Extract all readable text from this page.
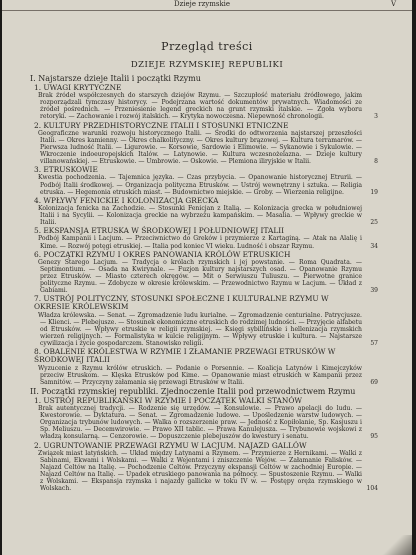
Dzieje rzymskie	V
Przegląd treści
DZIEJE RZYMSKIEJ REPUBLIKI
I. Najstarsze dzieje Italii i początki Rzymu
1. UWAGI KRYTYCZNE
Brak źródeł współczesnych do starszych dziejów Rzymu. — Szczupłość materiału źródłowego, jakim rozporządzali tymczasy historycy. — Podejrzana wartość dokumentów prywatnych. Wiadomości ze źródeł pośrednich. — Przeniesienie legend greckich na grunt rzymski italskie. — Zgoła wyboru retoryki. — Zachowanie i rozwój italskich. — Krytyka nowoczesna. Niepewność chronologii.	3
2. KULTURY PRZEDHISTORYCZNE ITALII I STOSUNKI ETNICZNE
Geograficzne warunki rozwoju historycznego Italii. — Środki do odtworzenia najstarszej przeszłości Italii. — Okres kamienny. — Okres chalkolityczny. — Okres kultury brązowej. — Kultura terramarów. — Pierwsza ludność Italii. — Ligurowie. — Korsowie, Sardowie i Elimowie. — Sykanowie i Sykulowie. — Wkroczenie indoeuropejskich Italów. — Latynowie. — Kultura wczesnożelazna. — Dzieje kultury villanowańskiej. — Etruskowie. — Umbrowie. — Oskowie. — Plemiona iliryjskie w Italii.	8
3. ETRUSKOWIE
Kwestia pochodzenia. — Tajemnica języka. — Czas przybycia. — Opanowanie historycznej Etrurii. — Podbój Italii środkowej. — Organizacja polityczna Etrusków. — Ustrój wewnętrzny i sztuka. — Religia etruska. — Hegemonia etruskich miast. — Budownictwo miejskie. — Groby. — Wierzenia religijne.	19
4. WPŁYWY FENICKIE I KOLONIZACJA GRECKA
Kolonizacja fenicka na Zachodzie. — Stosunki Fenicjan z Italią. — Kolonizacja grecka w południowej Italii i na Sycylii. — Kolonizacja greckie na wybrzeżu kampańskim. — Masalia. — Wpływy greckie w Italii.	25
5. EKSPANSJA ETRUSKA W ŚRODKOWEJ I POŁUDNIOWEJ ITALII
Podbój Kampanii i Lacjum. — Przeciwnictwo do Greków i przymierze z Kartaginą. — Atak na Alalię i Kime. — Rozwój potęgi etruskiej. — Italia pod koniec VI wieku. Ludność i obszar Rzymu.	34
6. POCZĄTKI RZYMU I OKRES PANOWANIA KRÓLÓW ETRUSKICH
Genezy Starego Lacjum. — Tradycja o królach rzymskich i jej powstanie. — Roma Quadrata. — Septimontium. — Osada na Kwirynale. — Fuzjon kultury najstarszych osad. — Opanowanie Rzymu przez Etrusków. — Miasto czterech okręgów. — Mit o Serwiuszu Tuliuszu. — Pierwotne granice polityczne Rzymu. — Zdobycze w okresie królewskim. — Przewodnictwo Rzymu w Lacjum. — Układ z Gabiami.	39
7. USTRÓJ POLITYCZNY, STOSUNKI SPOŁECZNE I KULTURALNE RZYMU W OKRESIE KRÓLEWSKIM
Władza królewska. — Senat. — Zgromadzenie ludu kurialne. — Zgromadzenie centurialne. Patrycjusze. — Klienci. — Plebejusze. — Stosunek ekonomiczne etruskich do rodzimej ludności. — Przyjęcie alfabetu od Etrusków. — Wpływy etruskie w religii rzymskiej. — Księgi sybillińskie i hellenizacja rzymskich wierzeń religijnych. — Formalistyka w kulcie religijnym. — Wpływy etruskie i kultura. — Najstarsze cywilizacja i życie gospodarczem. Stanowisko religii.	57
8. OBALENIE KRÓLESTWA W RZYMIE I ZŁAMANIE PRZEWAGI ETRUSKÓW W ŚRODKOWEJ ITALII
Wyzucenie z Rzymu królów etruskich. — Podanie o Porsennie. — Koalicja Latynów i Kimejczyków przeciw Etruskom. — Klęska Etrusków pod Kime. — Opanowanie miast etruskich w Kampanii przez Samnitów. — Przyczyny załamania się przewagi Etrusków w Italii.	69
II. Początki rzymskiej republiki. Zjednoczenie Italii pod przewodnictwem Rzymu
1. USTRÓJ REPUBLIKAŃSKI W RZYMIE I POCZĄTEK WALKI STANÓW
Brak autentycznej tradycji. — Rodzenie się urzędów. — Konsulowie. — Prawo apelacji do ludu. — Kwestorowie. — Dyktatura. — Senat. — Zgromadzenie ludowe. — Upośledzenie warstw ludowych. — Organizacja trybunów ludowych. — Walka o rozszerzenie praw. — Jedność z Kopiłolanie, Sp. Kasjuszu i Sp. Meliuszu. — Decemwirowie. — Prawo XII tablic. — Prawa Kanulejusza. — Trybunowie wojskowi z władzą konsularną. — Cenzorowie. — Dopuszczenie plebejuszów do kwestury i senatu.	95
2. UGRUNTOWANIE PRZEWAGI RZYMU W LACJUM. NAJAZD GALLÓW
Związek miast latyńskich. — Układ między Latynami a Rzymem. — Przymierze z Hernikami. — Walki z Sabinami, Ekwami i Wolskami. — Walki z Wejentami i zniszczenie Wejów. — Załamanie Falisków. — Najazd Celtów na Italię. — Pochodzenie Celtów. Przyczyny ekspansji Celtów w zachodniej Europie. — Najazd Celtów na Italię. — Upadek etruskiego panowania na północy. — Spustoszenie Rzymu. — Walki z Wolskami. — Ekspansja rzymska i najazdy gallicke w toku IV w. — Postępy oręża rzymskiego w Wolskach.	104
